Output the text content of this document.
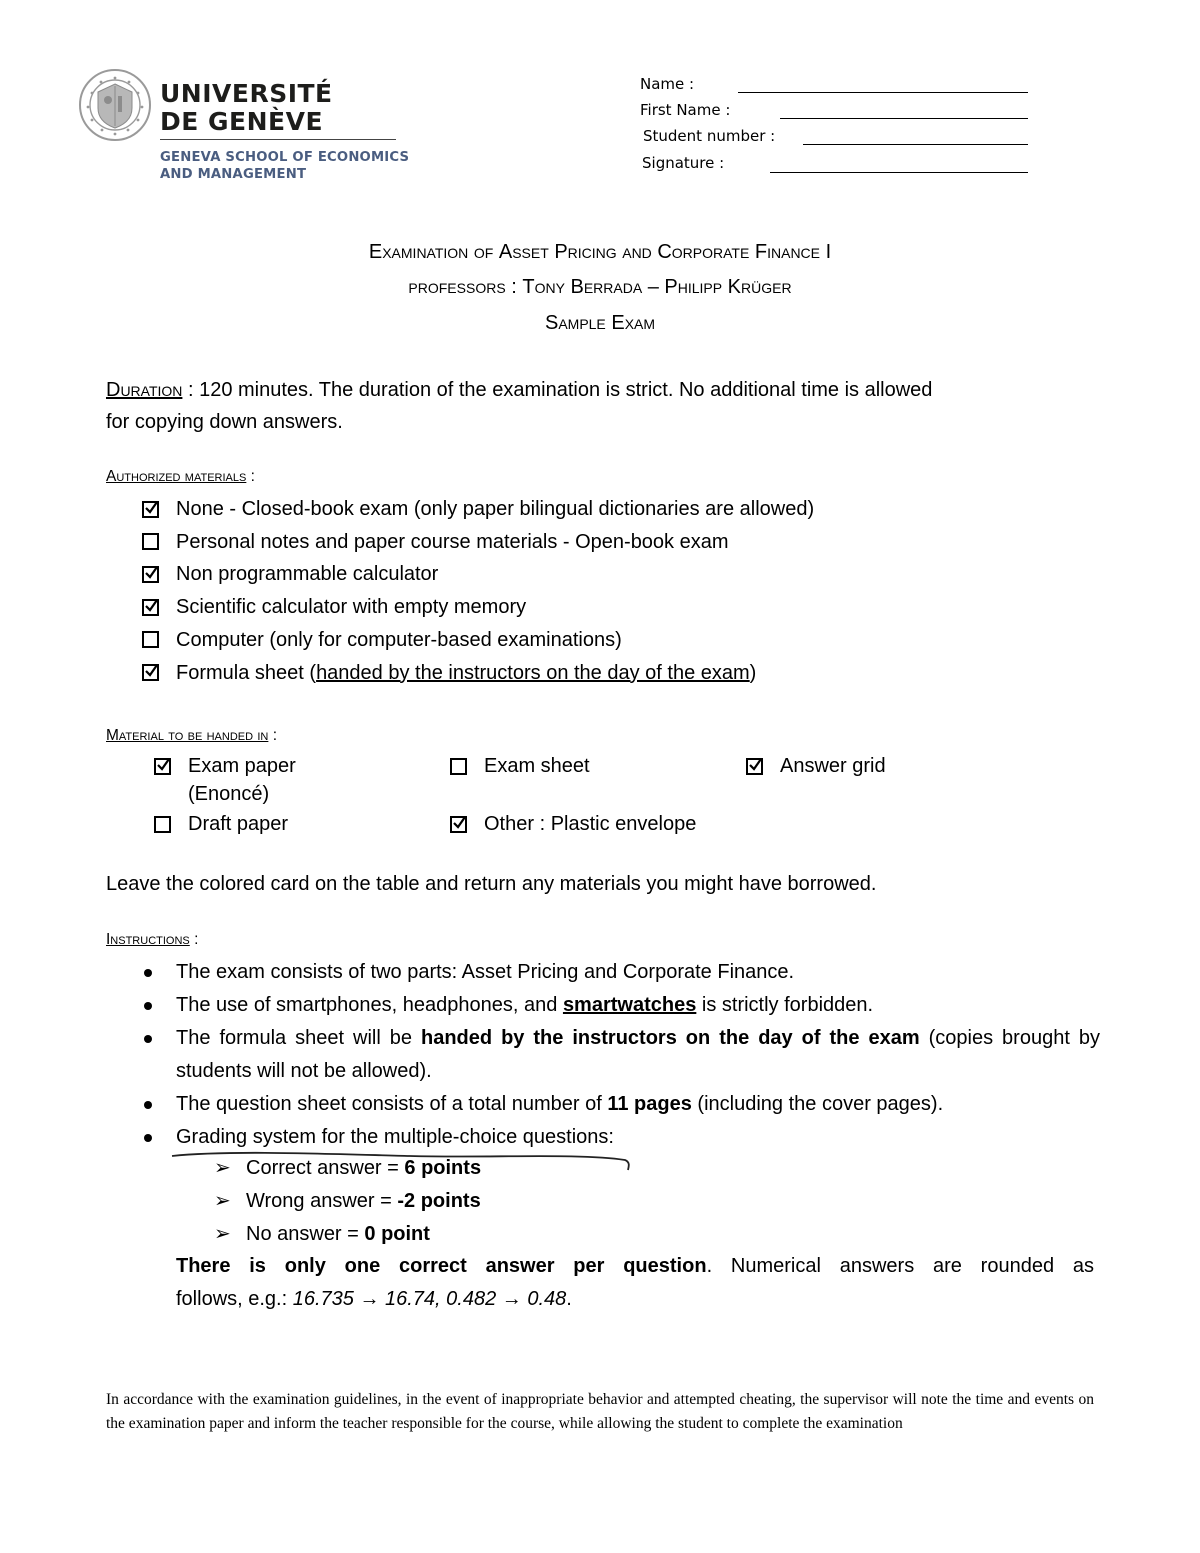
UNIVERSITÉ
DE GENÈVE
GENEVA SCHOOL OF ECONOMICS
AND MANAGEMENT
Name :
First Name :
Student number :
Signature :
Examination of Asset Pricing and Corporate Finance I
professors : Tony Berrada – Philipp Krüger
Sample Exam
Duration : 120 minutes. The duration of the examination is strict. No additional time is allowed
for copying down answers.
Authorized materials :
None - Closed-book exam (only paper bilingual dictionaries are allowed)
Personal notes and paper course materials - Open-book exam
Non programmable calculator
Scientific calculator with empty memory
Computer (only for computer-based examinations)
Formula sheet ( handed by the instructors on the day of the exam )
Material to be handed in :
Exam paper
(Enoncé)
Exam sheet	Answer grid
Draft paper	Other : Plastic envelope
Leave the colored card on the table and return any materials you might have borrowed.
Instructions :
The exam consists of two parts: Asset Pricing and Corporate Finance.
The use of smartphones, headphones, and smartwatches is strictly forbidden.
The formula sheet will be handed by the instructors on the day of the exam (copies brought by students will not be allowed).
The question sheet consists of a total number of 11 pages (including the cover pages).
Grading system for the multiple-choice questions:
➢ Correct answer = 6 points
➢ Wrong answer = -2 points
➢ No answer = 0 point
There is only one correct answer per question. Numerical answers are rounded as
follows, e.g.: 16.735 → 16.74, 0.482 → 0.48.
In accordance with the examination guidelines, in the event of inappropriate behavior and attempted cheating, the supervisor will note the time and events on the examination paper and inform the teacher responsible for the course, while allowing the student to complete the examination
